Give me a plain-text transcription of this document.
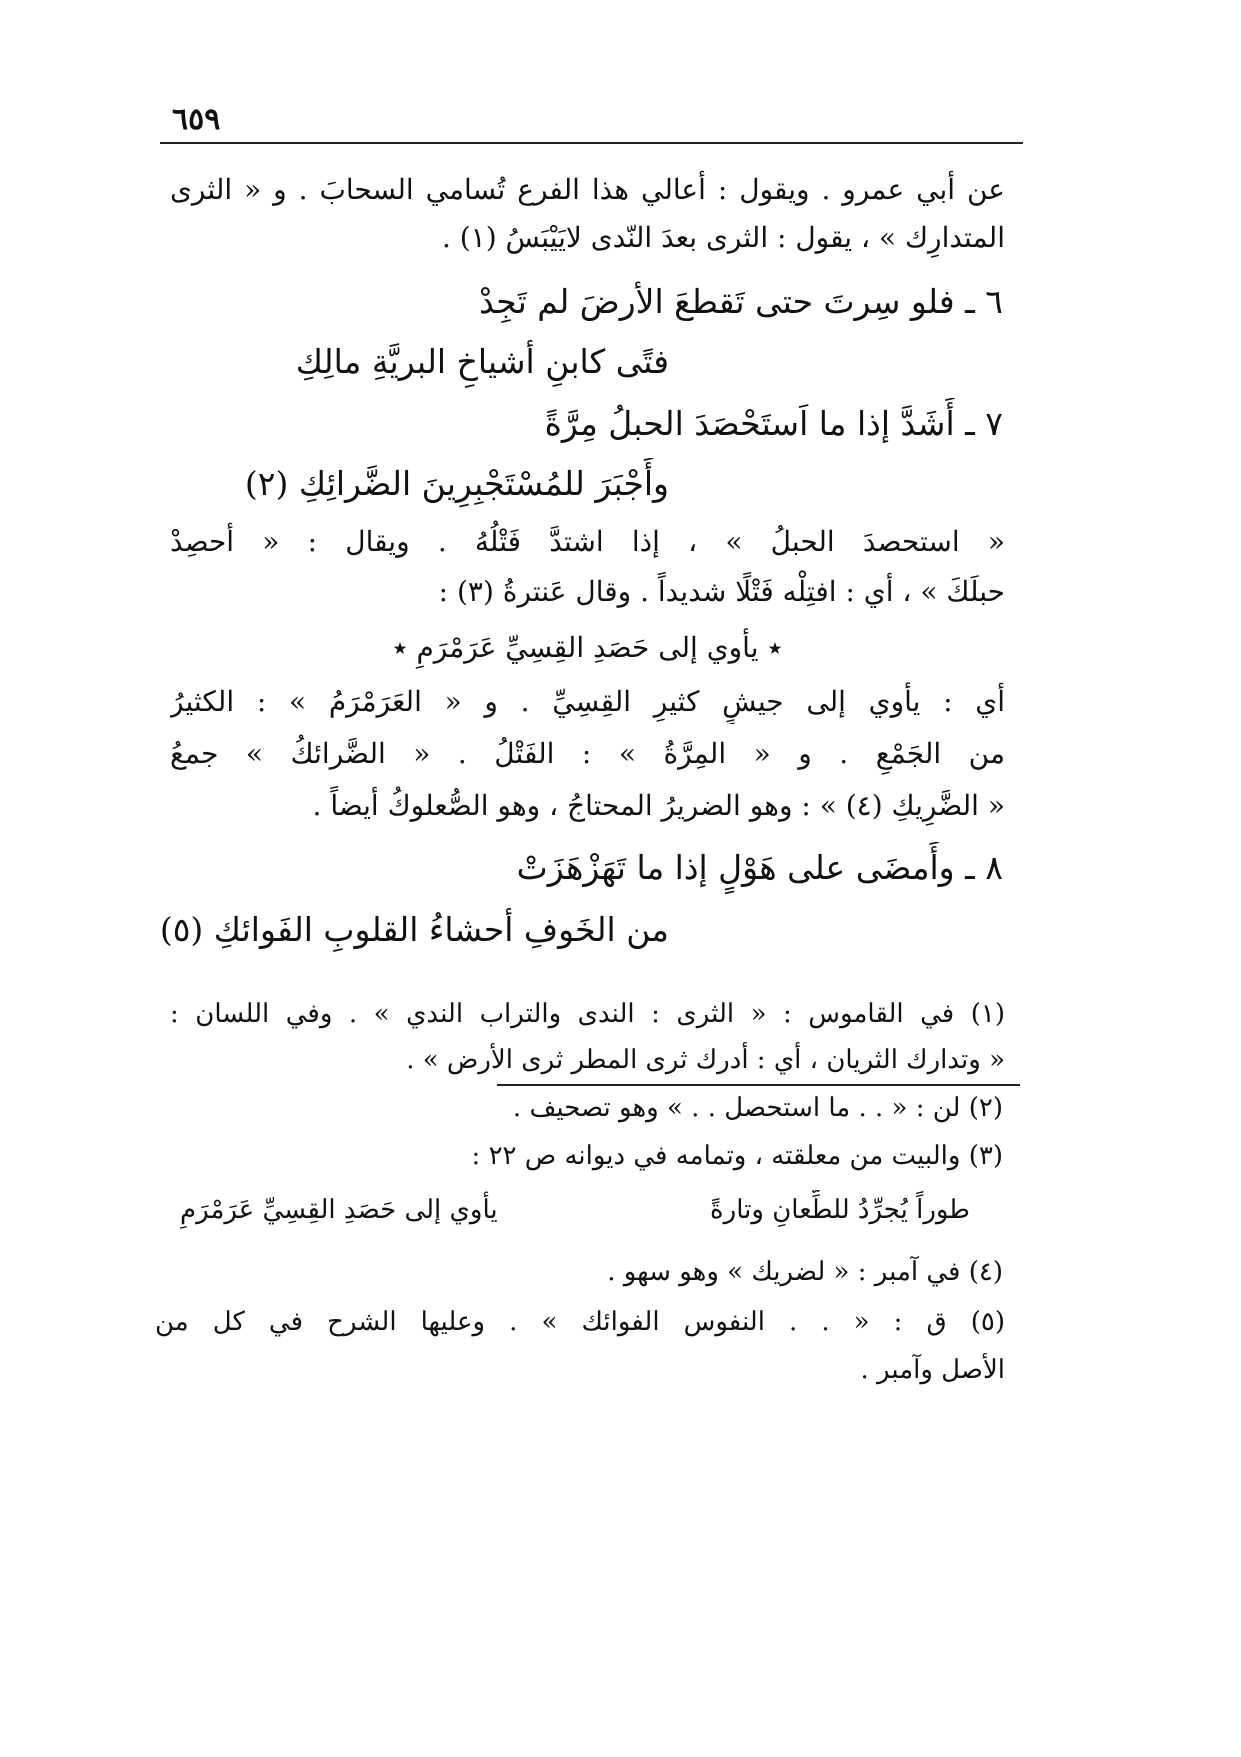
٦٥٩
عن أبي عمرو . ويقول : أعالي هذا الفرع تُسامي السحابَ . و « الثرى
المتدارِك » ، يقول : الثرى بعدَ النّدى لايَيْبَسُ (١) .
٦ ـ فلو سِرتَ حتى تَقطعَ الأرضَ لم تَجِدْ
فتًى كابنِ أشياخِ البريَّةِ مالِكِ
٧ ـ أَشَدَّ إذا ما اَستَحْصَدَ الحبلُ مِرَّةً
وأَجْبَرَ للمُسْتَجْبِرِينَ الضَّرائِكِ (٢)
« استحصدَ الحبلُ » ، إذا اشتدَّ فَتْلُهُ . ويقال : « أحصِدْ
حبلَكَ » ، أي : افتِلْه فَتْلًا شديداً . وقال عَنترةُ (٣) :
٭ يأوي إلى حَصَدِ القِسِيِّ عَرَمْرَمِ ٭
أي : يأوي إلى جيشٍ كثيرِ القِسِيِّ . و « العَرَمْرَمُ » : الكثيرُ
من الجَمْعِ . و « المِرَّةُ » : الفَتْلُ . « الضَّرائكُ » جمعُ
« الضَّرِيكِ (٤) » : وهو الضريرُ المحتاجُ ، وهو الصُّعلوكُ أيضاً .
٨ ـ وأَمضَى على هَوْلٍ إذا ما تَهَزْهَزَتْ
من الخَوفِ أحشاءُ القلوبِ الفَوائكِ (٥)
(١) في القاموس : « الثرى : الندى والتراب الندي » . وفي اللسان :
« وتدارك الثريان ، أي : أدرك ثرى المطر ثرى الأرض » .
(٢) لن : « . . ما استحصل . . » وهو تصحيف .
(٣) والبيت من معلقته ، وتمامه في ديوانه ص ٢٢ :
طوراً يُجرِّدُ للطِّعانِ وتارةً
يأوي إلى حَصَدِ القِسِيِّ عَرَمْرَمِ
(٤) في آمبر : « لضريك » وهو سهو .
(٥) ق : « . . النفوس الفوائك » . وعليها الشرح في كل من
الأصل وآمبر .
